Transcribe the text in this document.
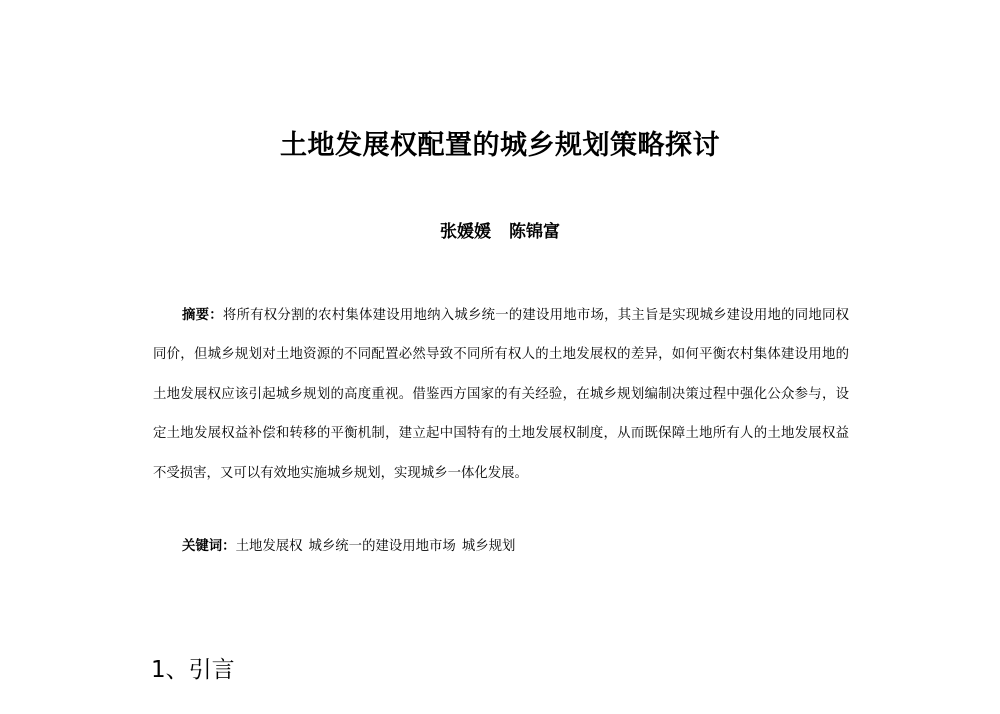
土地发展权配置的城乡规划策略探讨
张媛媛 陈锦富

摘要：将所有权分割的农村集体建设用地纳入城乡统一的建设用地市场，其主旨是实现城乡建设用地的同地同权同价，但城乡规划对土地资源的不同配置必然导致不同所有权人的土地发展权的差异，如何平衡农村集体建设用地的土地发展权应该引起城乡规划的高度重视。借鉴西方国家的有关经验，在城乡规划编制决策过程中强化公众参与，设定土地发展权益补偿和转移的平衡机制，建立起中国特有的土地发展权制度，从而既保障土地所有人的土地发展权益不受损害，又可以有效地实施城乡规划，实现城乡一体化发展。

关键词：土地发展权 城乡统一的建设用地市场 城乡规划
1、引言
